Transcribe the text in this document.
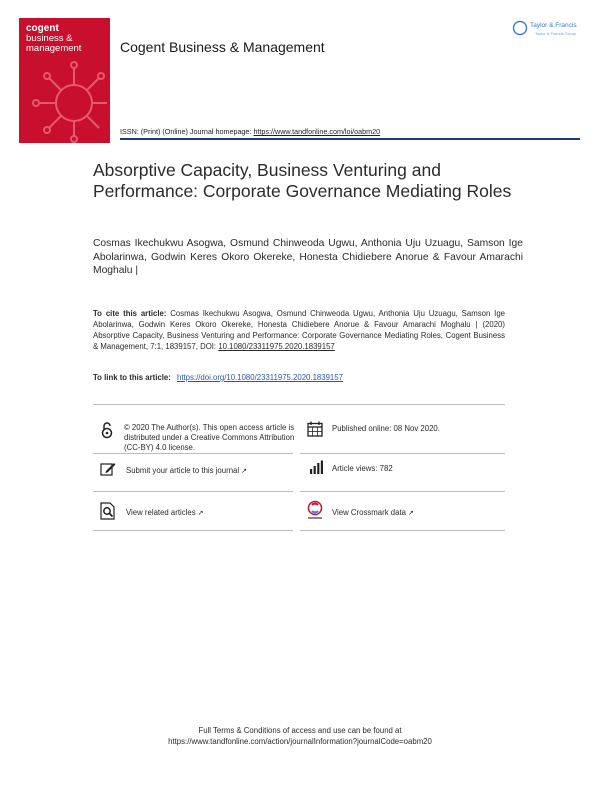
cogent
business &
management	Cogent Business & Management
Taylor & Francis
Taylor & Francis Group
ISSN: (Print) (Online) Journal homepage: https://www.tandfonline.com/loi/oabm20
Absorptive Capacity, Business Venturing and Performance: Corporate Governance Mediating Roles
Cosmas Ikechukwu Asogwa, Osmund Chinweoda Ugwu, Anthonia Uju Uzuagu, Samson Ige Abolarinwa, Godwin Keres Okoro Okereke, Honesta Chidiebere Anorue & Favour Amarachi Moghalu |
To cite this article: Cosmas Ikechukwu Asogwa, Osmund Chinweoda Ugwu, Anthonia Uju Uzuagu, Samson Ige Abolarinwa, Godwin Keres Okoro Okereke, Honesta Chidiebere Anorue & Favour Amarachi Moghalu | (2020) Absorptive Capacity, Business Venturing and Performance: Corporate Governance Mediating Roles, Cogent Business & Management, 7:1, 1839157, DOI: 10.1080/23311975.2020.1839157
To link to this article: https://doi.org/10.1080/23311975.2020.1839157
© 2020 The Author(s). This open access article is distributed under a Creative Commons Attribution (CC-BY) 4.0 license.
Published online: 08 Nov 2020.
Submit your article to this journal ↗	Article views: 782
View related articles ↗	View Crossmark data ↗
Full Terms & Conditions of access and use can be found at
https://www.tandfonline.com/action/journalInformation?journalCode=oabm20
